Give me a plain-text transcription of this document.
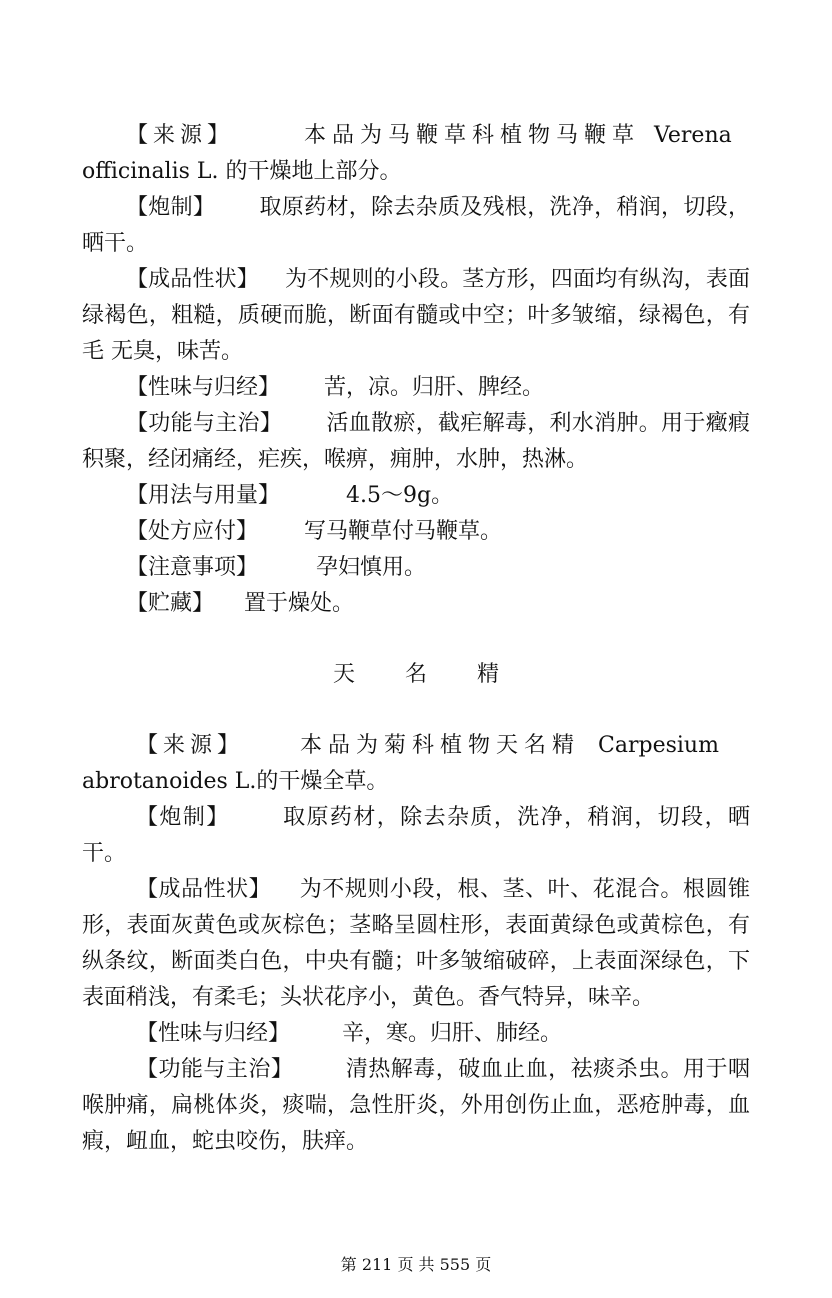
【来源】	本品为马鞭草科植物马鞭草 Verena
officinalis L. 的干燥地上部分。

【炮制】 取原药材，除去杂质及残根，洗净，稍润，切段，晒干。

【成品性状】 为不规则的小段。茎方形，四面均有纵沟，表面绿褐色，粗糙，质硬而脆，断面有髓或中空；叶多皱缩，绿褐色，有毛 无臭，味苦。

【性味与归经】 苦，凉。归肝、脾经。

【功能与主治】 活血散瘀，截疟解毒，利水消肿。用于癥瘕积聚，经闭痛经，疟疾，喉痹，痈肿，水肿，热淋。

【用法与用量】	4.5～9g。

【处方应付】 写马鞭草付马鞭草。

【注意事项】	孕妇慎用。

【贮藏】 置于燥处。

天名精

【来源】	本品为菊科植物天名精 Carpesium
abrotanoides L.的干燥全草。

【炮制】 取原药材，除去杂质，洗净，稍润，切段，晒干。

【成品性状】 为不规则小段，根、茎、叶、花混合。根圆锥形，表面灰黄色或灰棕色；茎略呈圆柱形，表面黄绿色或黄棕色，有纵条纹，断面类白色，中央有髓；叶多皱缩破碎，上表面深绿色，下表面稍浅，有柔毛；头状花序小，黄色。香气特异，味辛。

【性味与归经】 辛，寒。归肝、肺经。

【功能与主治】 清热解毒，破血止血，祛痰杀虫。用于咽喉肿痛，扁桃体炎，痰喘，急性肝炎，外用创伤止血，恶疮肿毒，血瘕，衄血，蛇虫咬伤，肤痒。

第 211 页 共 555 页
